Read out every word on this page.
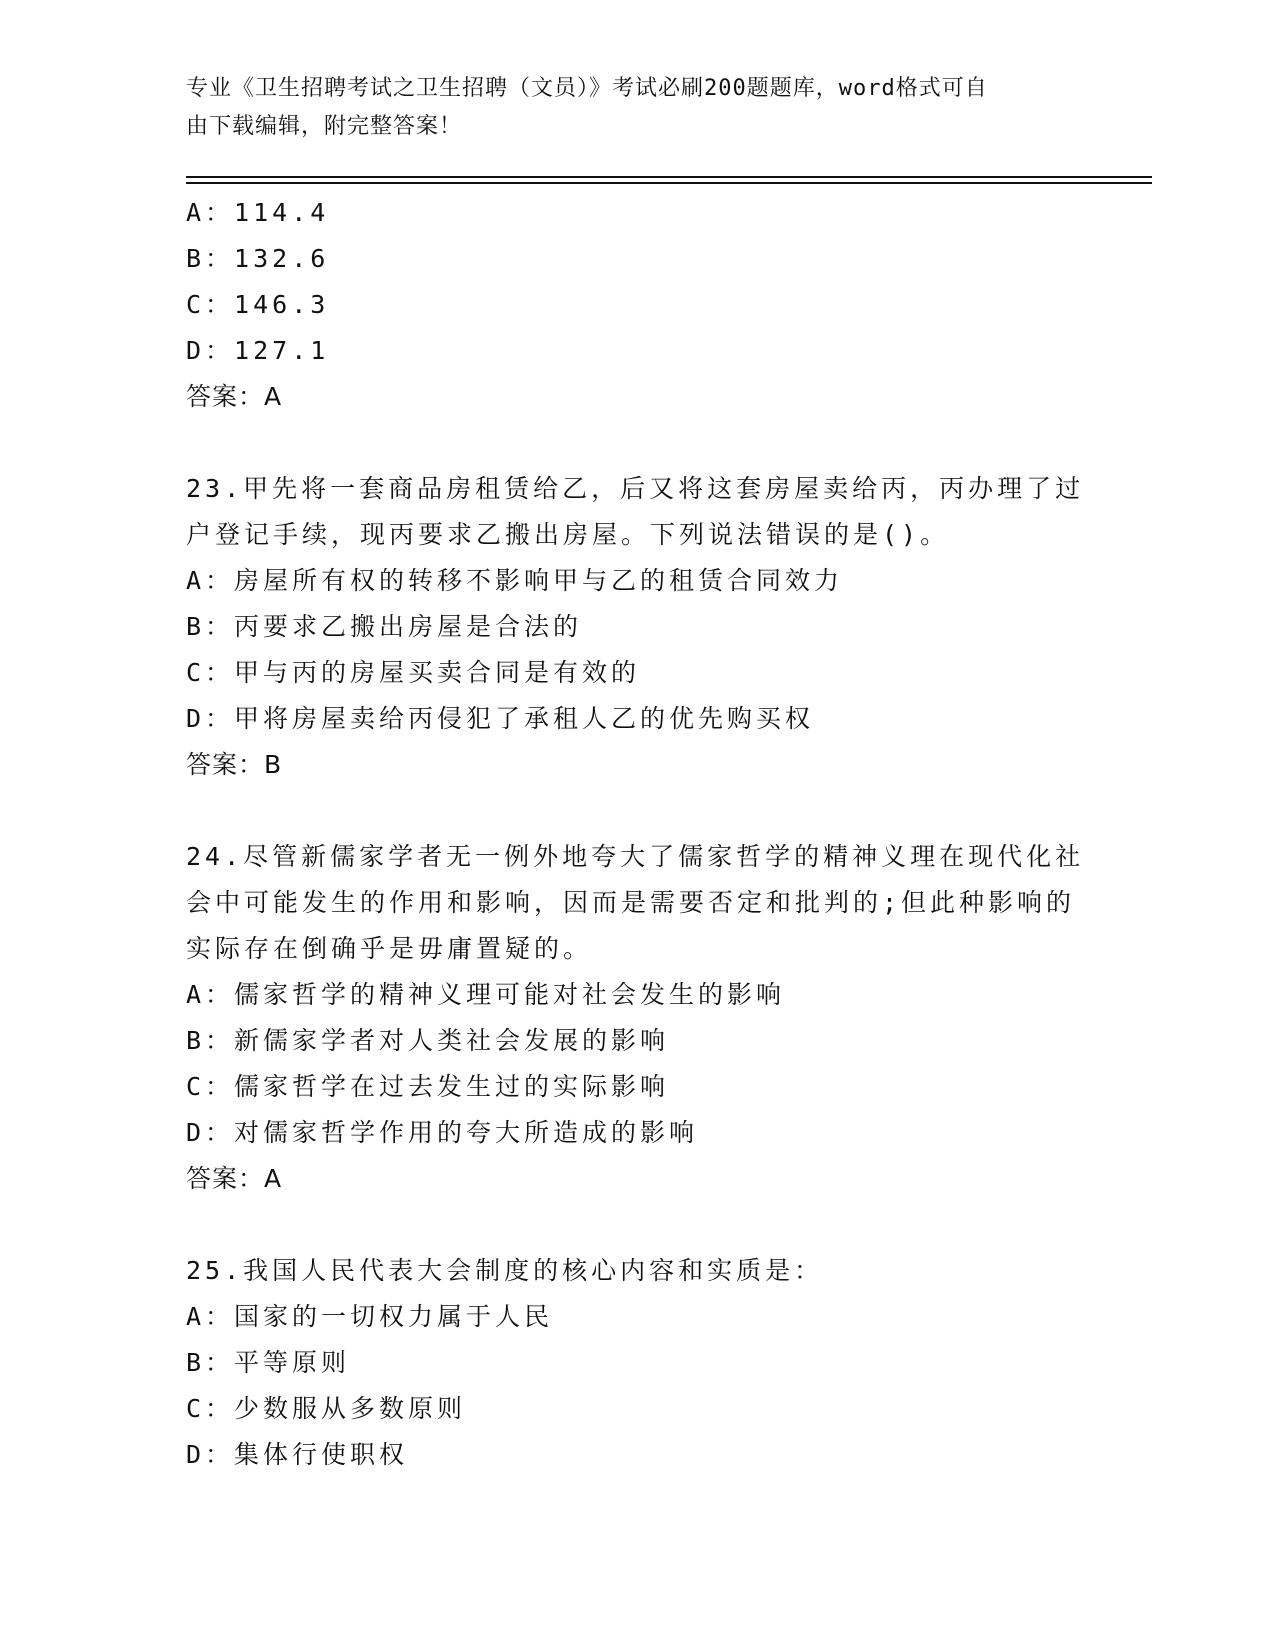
专业《卫生招聘考试之卫生招聘（文员）》考试必刷200题题库，word格式可自
由下载编辑，附完整答案！
A：114.4
B：132.6
C：146.3
D：127.1
答案：A
23.甲先将一套商品房租赁给乙，后又将这套房屋卖给丙，丙办理了过
户登记手续，现丙要求乙搬出房屋。下列说法错误的是()。
A：房屋所有权的转移不影响甲与乙的租赁合同效力
B：丙要求乙搬出房屋是合法的
C：甲与丙的房屋买卖合同是有效的
D：甲将房屋卖给丙侵犯了承租人乙的优先购买权
答案：B
24.尽管新儒家学者无一例外地夸大了儒家哲学的精神义理在现代化社
会中可能发生的作用和影响，因而是需要否定和批判的;但此种影响的
实际存在倒确乎是毋庸置疑的。
A：儒家哲学的精神义理可能对社会发生的影响
B：新儒家学者对人类社会发展的影响
C：儒家哲学在过去发生过的实际影响
D：对儒家哲学作用的夸大所造成的影响
答案：A
25.我国人民代表大会制度的核心内容和实质是：
A：国家的一切权力属于人民
B：平等原则
C：少数服从多数原则
D：集体行使职权
